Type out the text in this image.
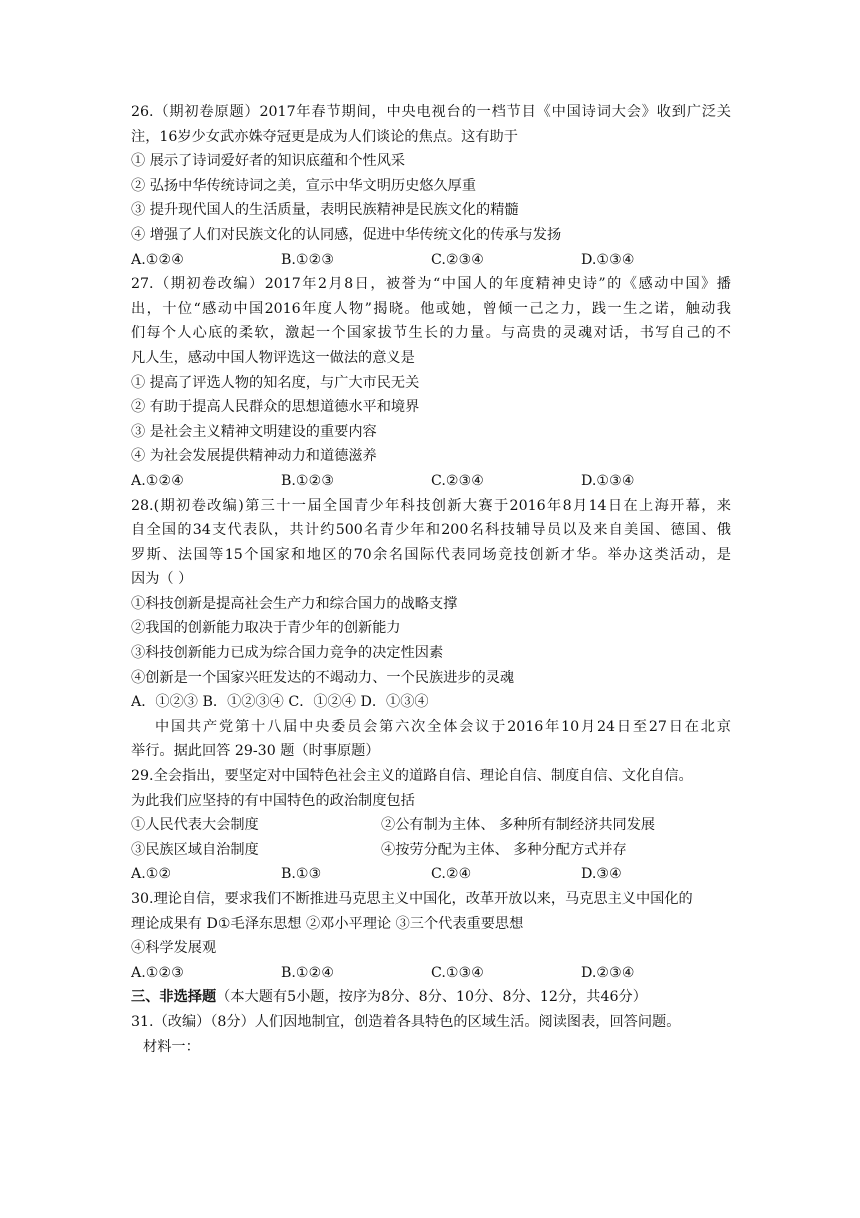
26.（期初卷原题）2017年春节期间，中央电视台的一档节目《中国诗词大会》收到广泛关
注，16岁少女武亦姝夺冠更是成为人们谈论的焦点。这有助于
① 展示了诗词爱好者的知识底蕴和个性风采
② 弘扬中华传统诗词之美，宣示中华文明历史悠久厚重
③ 提升现代国人的生活质量，表明民族精神是民族文化的精髓
④ 增强了人们对民族文化的认同感，促进中华传统文化的传承与发扬
A.①②④	B.①②③	C.②③④	D.①③④
27.（期初卷改编）2017年2月8日，被誉为“中国人的年度精神史诗”的《感动中国》播
出，十位“感动中国2016年度人物”揭晓。他或她，曾倾一己之力，践一生之诺，触动我
们每个人心底的柔软，激起一个国家拔节生长的力量。与高贵的灵魂对话，书写自己的不
凡人生，感动中国人物评选这一做法的意义是
① 提高了评选人物的知名度，与广大市民无关
② 有助于提高人民群众的思想道德水平和境界
③ 是社会主义精神文明建设的重要内容
④ 为社会发展提供精神动力和道德滋养
A.①②④	B.①②③	C.②③④	D.①③④
28.(期初卷改编)第三十一届全国青少年科技创新大赛于2016年8月14日在上海开幕，来
自全国的34支代表队，共计约500名青少年和200名科技辅导员以及来自美国、德国、俄
罗斯、法国等15个国家和地区的70余名国际代表同场竞技创新才华。举办这类活动，是
因为（ ）
①科技创新是提高社会生产力和综合国力的战略支撑
②我国的创新能力取决于青少年的创新能力
③科技创新能力已成为综合国力竞争的决定性因素
④创新是一个国家兴旺发达的不竭动力、一个民族进步的灵魂
A．①②③ B．①②③④ C．①②④ D．①③④
中国共产党第十八届中央委员会第六次全体会议于2016年10月24日至27日在北京
举行。据此回答 29-30 题（时事原题）
29.全会指出，要坚定对中国特色社会主义的道路自信、理论自信、制度自信、文化自信。
为此我们应坚持的有中国特色的政治制度包括
①人民代表大会制度	②公有制为主体、 多种所有制经济共同发展
③民族区域自治制度	④按劳分配为主体、 多种分配方式并存
A.①②	B.①③	C.②④	D.③④
30.理论自信，要求我们不断推进马克思主义中国化，改革开放以来，马克思主义中国化的
理论成果有 D①毛泽东思想 ②邓小平理论 ③三个代表重要思想
④科学发展观
A.①②③	B.①②④	C.①③④	D.②③④
三、非选择题（本大题有5小题，按序为8分、8分、10分、8分、12分，共46分）
31.（改编）（8分）人们因地制宜，创造着各具特色的区域生活。阅读图表，回答问题。
材料一：
